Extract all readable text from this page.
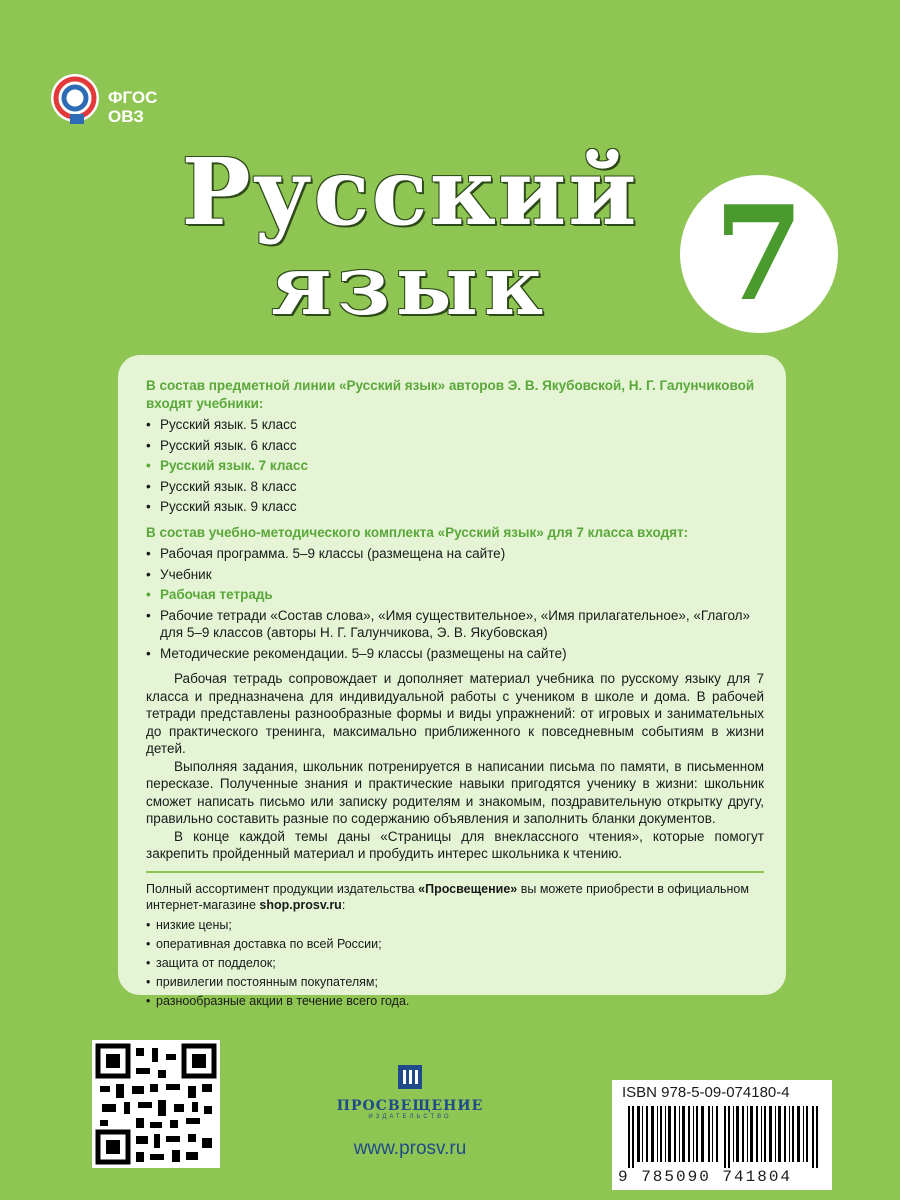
ФГОС
ОВЗ
Русский
язык	7

В состав предметной линии «Русский язык» авторов Э. В. Якубовской, Н. Г. Галунчиковой входят учебники:

• Русский язык. 5 класс
• Русский язык. 6 класс
• Русский язык. 7 класс
• Русский язык. 8 класс
• Русский язык. 9 класс

В состав учебно-методического комплекта «Русский язык» для 7 класса входят:

• Рабочая программа. 5–9 классы (размещена на сайте)
• Учебник
• Рабочая тетрадь
• Рабочие тетради «Состав слова», «Имя существительное», «Имя прилагательное», «Глагол» для 5–9 классов (авторы Н. Г. Галунчикова, Э. В. Якубовская)
• Методические рекомендации. 5–9 классы (размещены на сайте)

Рабочая тетрадь сопровождает и дополняет материал учебника по русскому языку для 7 класса и предназначена для индивидуальной работы с учеником в школе и дома. В рабочей тетради представлены разнообразные формы и виды упражнений: от игровых и занимательных до практического тренинга, максимально приближенного к повседневным событиям в жизни детей.

Выполняя задания, школьник потренируется в написании письма по памяти, в письменном пересказе. Полученные знания и практические навыки пригодятся ученику в жизни: школьник сможет написать письмо или записку родителям и знакомым, поздравительную открытку другу, правильно составить разные по содержанию объявления и заполнить бланки документов.

В конце каждой темы даны «Страницы для внеклассного чтения», которые помогут закрепить пройденный материал и пробудить интерес школьника к чтению.

Полный ассортимент продукции издательства «Просвещение» вы можете приобрести в официальном интернет-магазине shop.prosv.ru:
• низкие цены;
• оперативная доставка по всей России;
• защита от подделок;
• привилегии постоянным покупателям;
• разнообразные акции в течение всего года.
ПРОСВЕЩЕНИЕ
ИЗДАТЕЛЬСТВО
www.prosv.ru
ISBN 978-5-09-074180-4
9 785090 741804
